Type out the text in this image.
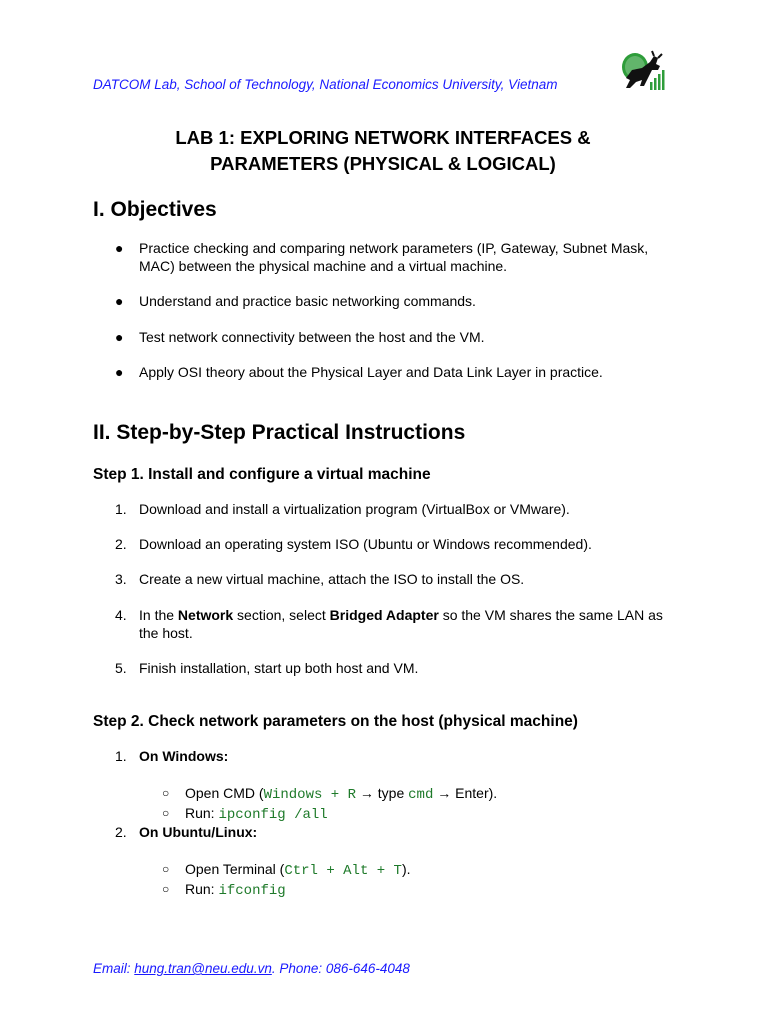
DATCOM Lab, School of Technology, National Economics University, Vietnam
LAB 1: EXPLORING NETWORK INTERFACES &
PARAMETERS (PHYSICAL & LOGICAL)
I. Objectives
● Practice checking and comparing network parameters (IP, Gateway, Subnet Mask,
MAC) between the physical machine and a virtual machine.
● Understand and practice basic networking commands.
● Test network connectivity between the host and the VM.
● Apply OSI theory about the Physical Layer and Data Link Layer in practice.
II. Step-by-Step Practical Instructions
Step 1. Install and configure a virtual machine
1. Download and install a virtualization program (VirtualBox or VMware).
2. Download an operating system ISO (Ubuntu or Windows recommended).
3. Create a new virtual machine, attach the ISO to install the OS.
4. In the Network section, select Bridged Adapter so the VM shares the same LAN as
the host.
5. Finish installation, start up both host and VM.
Step 2. Check network parameters on the host (physical machine)
1. On Windows:
○ Open CMD (Windows + R → type cmd → Enter).
○ Run: ipconfig /all
2. On Ubuntu/Linux:
○ Open Terminal (Ctrl + Alt + T).
○ Run: ifconfig
Email: hung.tran@neu.edu.vn. Phone: 086-646-4048
